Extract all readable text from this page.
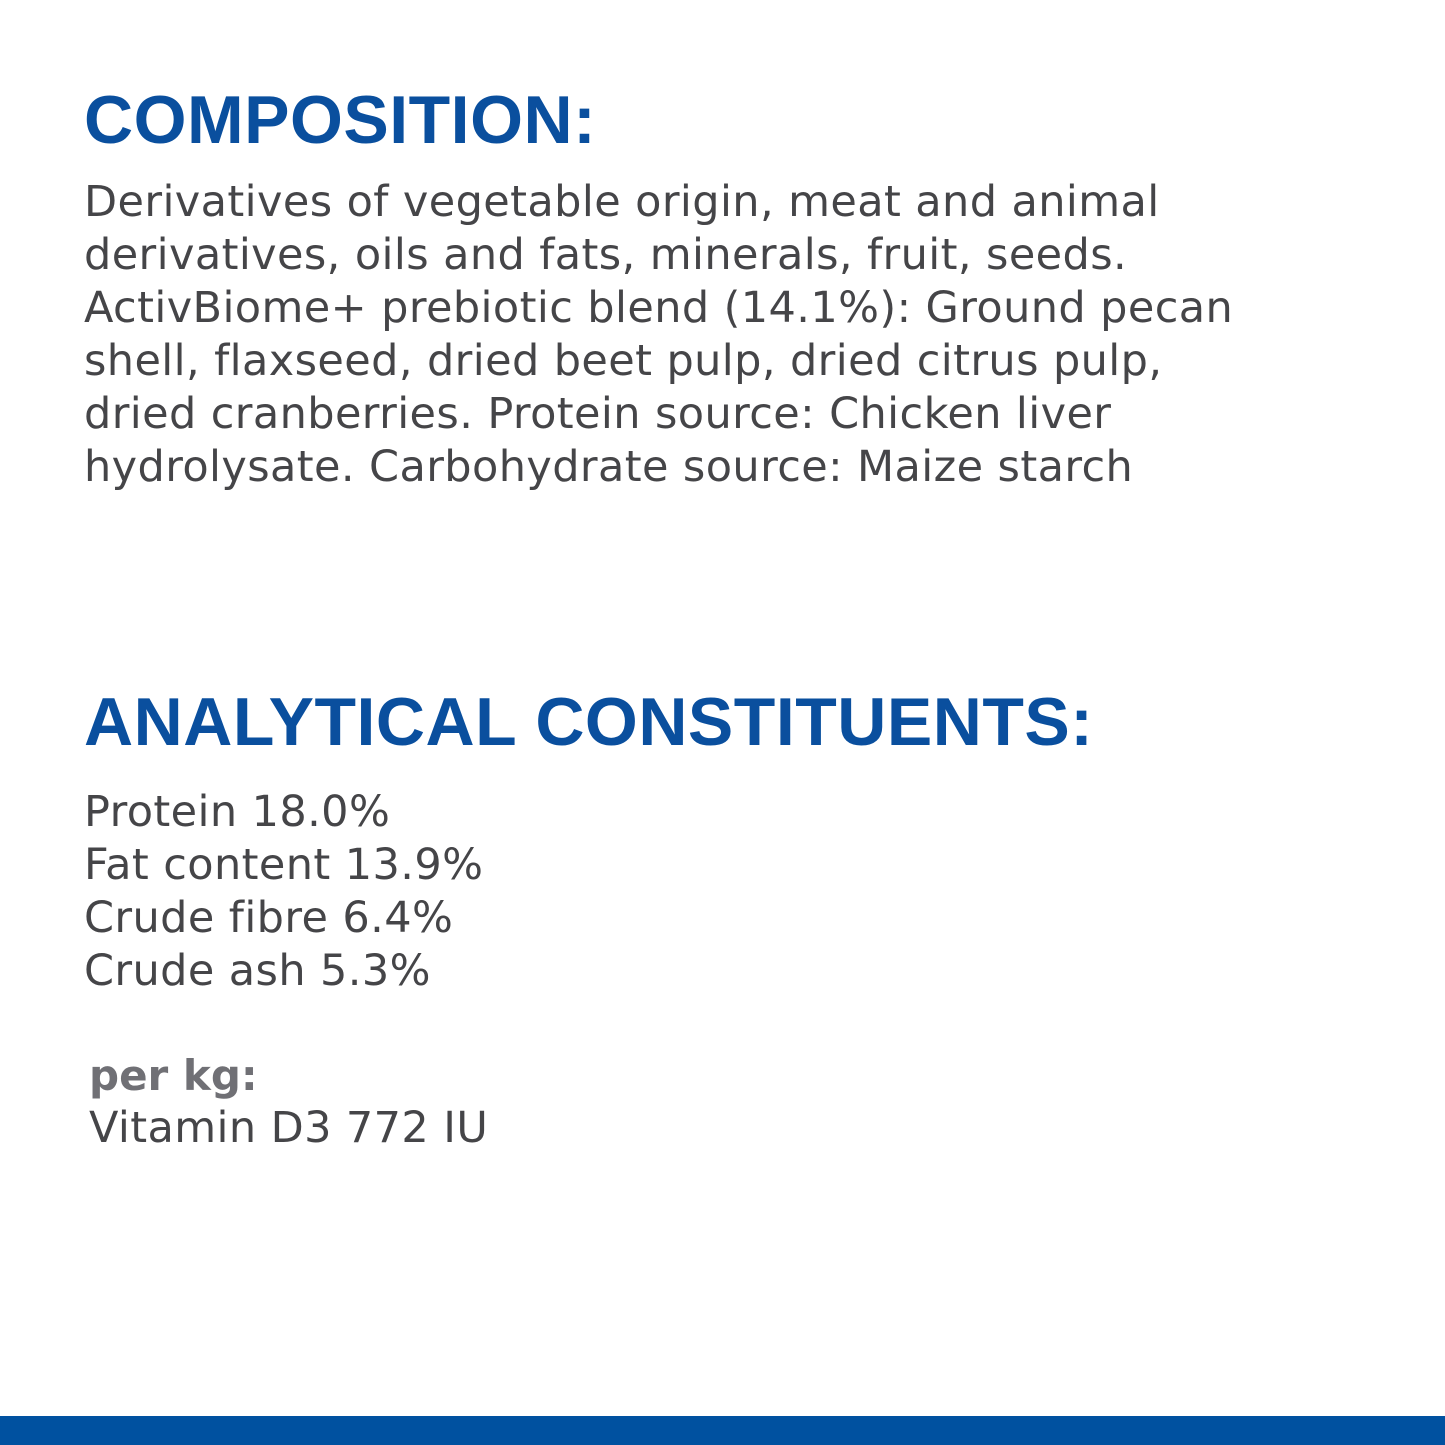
COMPOSITION:
Derivatives of vegetable origin, meat and animal
derivatives, oils and fats, minerals, fruit, seeds.
ActivBiome+ prebiotic blend (14.1%): Ground pecan
shell, flaxseed, dried beet pulp, dried citrus pulp,
dried cranberries. Protein source: Chicken liver
hydrolysate. Carbohydrate source: Maize starch
ANALYTICAL CONSTITUENTS:
Protein 18.0%
Fat content 13.9%
Crude fibre 6.4%
Crude ash 5.3%
per kg:
Vitamin D3 772 IU
